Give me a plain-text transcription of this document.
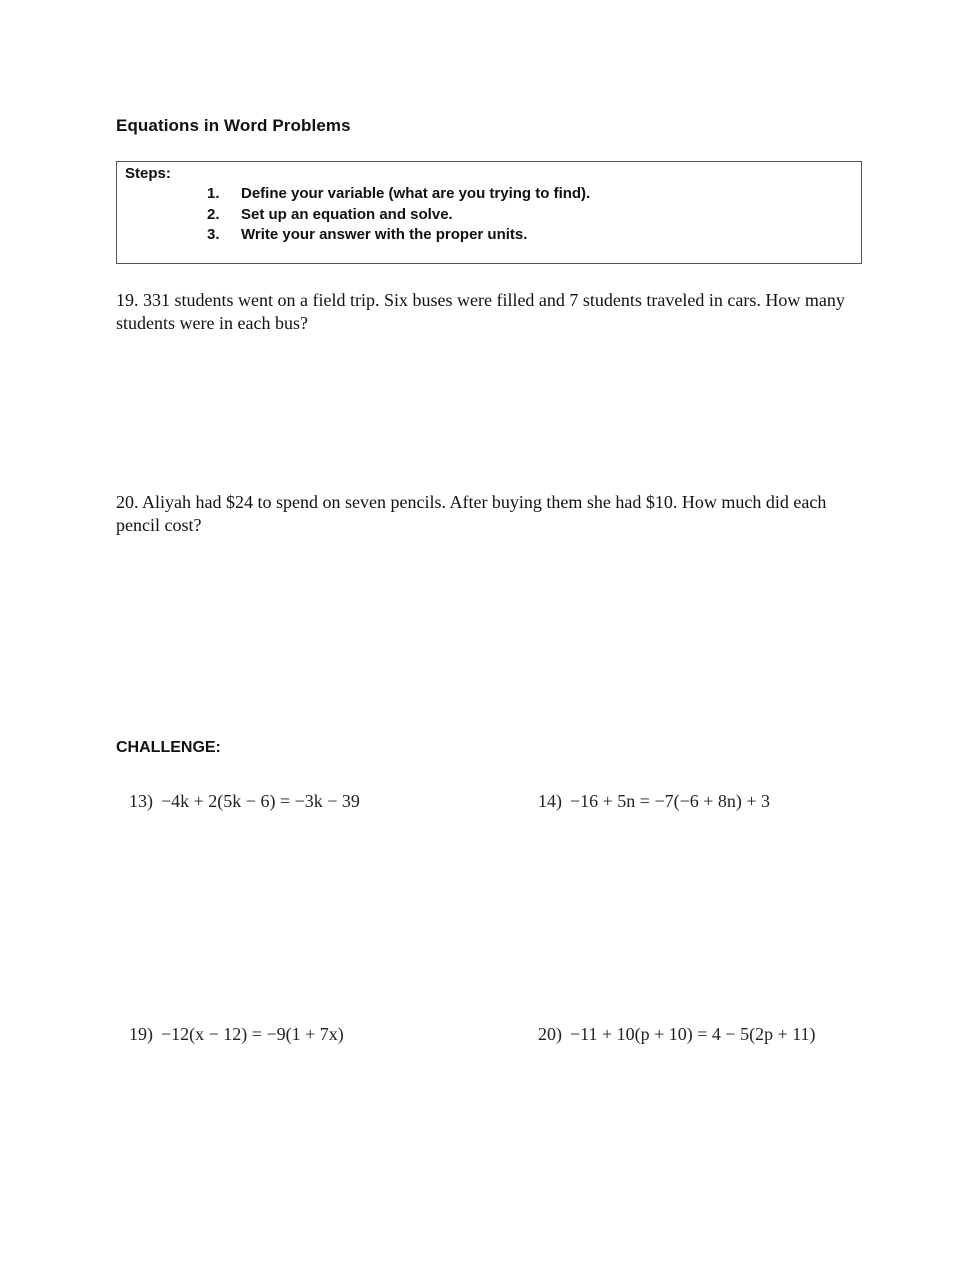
Equations in Word Problems
Steps:
1. Define your variable (what are you trying to find).
2. Set up an equation and solve.
3. Write your answer with the proper units.
19. 331 students went on a field trip. Six buses were filled and 7 students traveled in cars. How many students were in each bus?
20. Aliyah had $24 to spend on seven pencils. After buying them she had $10. How much did each pencil cost?
CHALLENGE:
13) −4k + 2(5k − 6) = −3k − 39	14) −16 + 5n = −7(−6 + 8n) + 3
19) −12(x − 12) = −9(1 + 7x)	20) −11 + 10(p + 10) = 4 − 5(2p + 11)
